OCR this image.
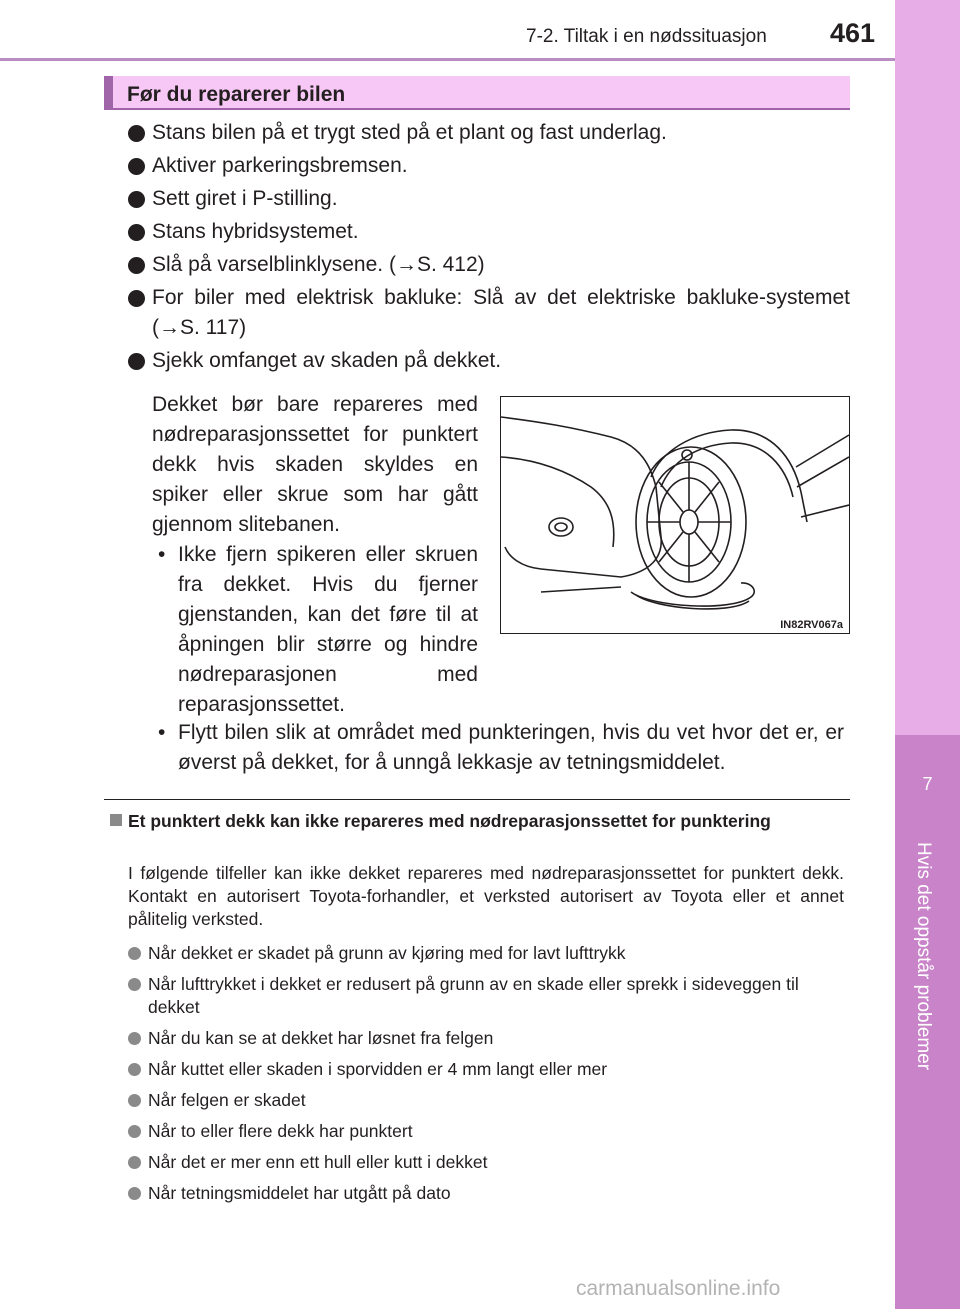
7-2. Tiltak i en nødssituasjon 461
7
Hvis det oppstår problemer
Før du reparerer bilen
Stans bilen på et trygt sted på et plant og fast underlag.
Aktiver parkeringsbremsen.
Sett giret i P-stilling.
Stans hybridsystemet.
Slå på varselblinklysene. (→S. 412)
For biler med elektrisk bakluke: Slå av det elektriske bakluke-systemet (→S. 117)
Sjekk omfanget av skaden på dekket.
Dekket bør bare repareres med nødreparasjonssettet for punktert dekk hvis skaden skyldes en spiker eller skrue som har gått gjennom slitebanen.
• Ikke fjern spikeren eller skruen fra dekket. Hvis du fjerner gjenstanden, kan det føre til at åpningen blir større og hindre nødreparasjonen med reparasjonssettet.
• Flytt bilen slik at området med punkteringen, hvis du vet hvor det er, er øverst på dekket, for å unngå lekkasje av tetningsmiddelet.
IN82RV067a
Et punktert dekk kan ikke repareres med nødreparasjonssettet for punktering
I følgende tilfeller kan ikke dekket repareres med nødreparasjonssettet for punktert dekk. Kontakt en autorisert Toyota-forhandler, et verksted autorisert av Toyota eller et annet pålitelig verksted.
Når dekket er skadet på grunn av kjøring med for lavt lufttrykk
Når lufttrykket i dekket er redusert på grunn av en skade eller sprekk i sideveggen til dekket
Når du kan se at dekket har løsnet fra felgen
Når kuttet eller skaden i sporvidden er 4 mm langt eller mer
Når felgen er skadet
Når to eller flere dekk har punktert
Når det er mer enn ett hull eller kutt i dekket
Når tetningsmiddelet har utgått på dato
carmanualsonline.info
